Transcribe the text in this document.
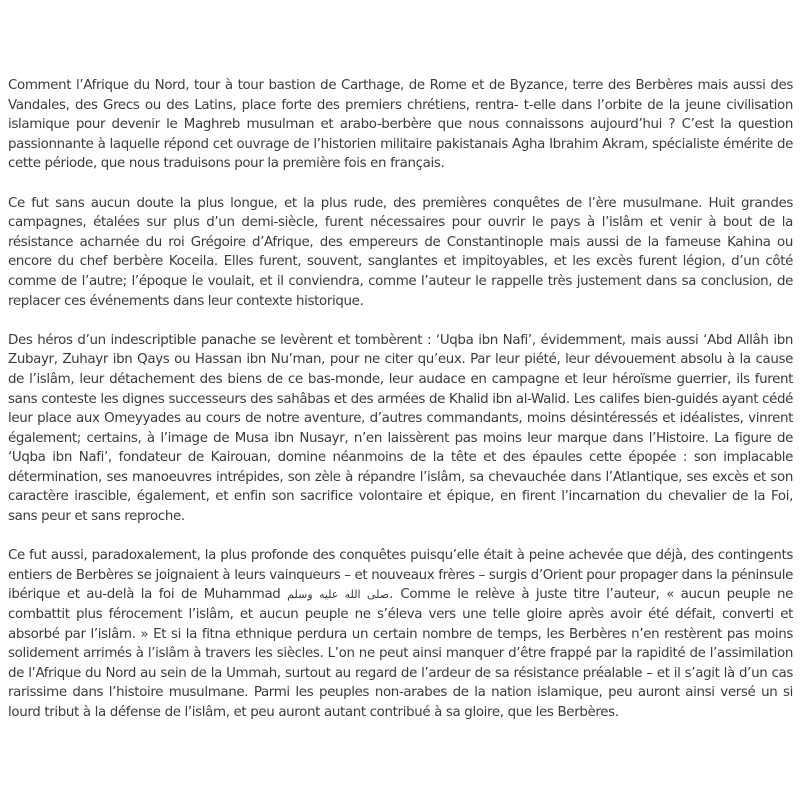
Comment l’Afrique du Nord, tour à tour bastion de Carthage, de Rome et de Byzance, terre des Berbères mais aussi des Vandales, des Grecs ou des Latins, place forte des premiers chrétiens, rentra- t-elle dans l’orbite de la jeune civilisation islamique pour devenir le Maghreb musulman et arabo-berbère que nous connaissons aujourd’hui ? C’est la question passionnante à laquelle répond cet ouvrage de l’historien militaire pakistanais Agha Ibrahim Akram, spécialiste émérite de cette période, que nous traduisons pour la première fois en français.

Ce fut sans aucun doute la plus longue, et la plus rude, des premières conquêtes de l’ère musulmane. Huit grandes campagnes, étalées sur plus d’un demi-siècle, furent nécessaires pour ouvrir le pays à l’islâm et venir à bout de la résistance acharnée du roi Grégoire d’Afrique, des empereurs de Constantinople mais aussi de la fameuse Kahina ou encore du chef berbère Koceila. Elles furent, souvent, sanglantes et impitoyables, et les excès furent légion, d’un côté comme de l’autre; l’époque le voulait, et il conviendra, comme l’auteur le rappelle très justement dans sa conclusion, de replacer ces événements dans leur contexte historique.

Des héros d’un indescriptible panache se levèrent et tombèrent : ‘Uqba ibn Nafi’, évidemment, mais aussi ‘Abd Allâh ibn Zubayr, Zuhayr ibn Qays ou Hassan ibn Nu’man, pour ne citer qu’eux. Par leur piété, leur dévouement absolu à la cause de l’islâm, leur détachement des biens de ce bas-monde, leur audace en campagne et leur héroïsme guerrier, ils furent sans conteste les dignes successeurs des sahâbas et des armées de Khalid ibn al-Walid. Les califes bien-guidés ayant cédé leur place aux Omeyyades au cours de notre aventure, d’autres commandants, moins désintéressés et idéalistes, vinrent également; certains, à l’image de Musa ibn Nusayr, n’en laissèrent pas moins leur marque dans l’Histoire. La figure de ‘Uqba ibn Nafi’, fondateur de Kairouan, domine néanmoins de la tête et des épaules cette épopée : son implacable détermination, ses manoeuvres intrépides, son zèle à répandre l’islâm, sa chevauchée dans l’Atlantique, ses excès et son caractère irascible, également, et enfin son sacrifice volontaire et épique, en firent l’incarnation du chevalier de la Foi, sans peur et sans reproche.

Ce fut aussi, paradoxalement, la plus profonde des conquêtes puisqu’elle était à peine achevée que déjà, des contingents entiers de Berbères se joignaient à leurs vainqueurs – et nouveaux frères – surgis d’Orient pour propager dans la péninsule ibérique et au-delà la foi de Muhammad صلى الله عليه وسلم. Comme le relève à juste titre l’auteur, « aucun peuple ne combattit plus férocement l’islâm, et aucun peuple ne s’éleva vers une telle gloire après avoir été défait, converti et absorbé par l’islâm. » Et si la fitna ethnique perdura un certain nombre de temps, les Berbères n’en restèrent pas moins solidement arrimés à l’islâm à travers les siècles. L’on ne peut ainsi manquer d’être frappé par la rapidité de l’assimilation de l’Afrique du Nord au sein de la Ummah, surtout au regard de l’ardeur de sa résistance préalable – et il s’agit là d’un cas rarissime dans l’histoire musulmane. Parmi les peuples non-arabes de la nation islamique, peu auront ainsi versé un si lourd tribut à la défense de l’islâm, et peu auront autant contribué à sa gloire, que les Berbères.
